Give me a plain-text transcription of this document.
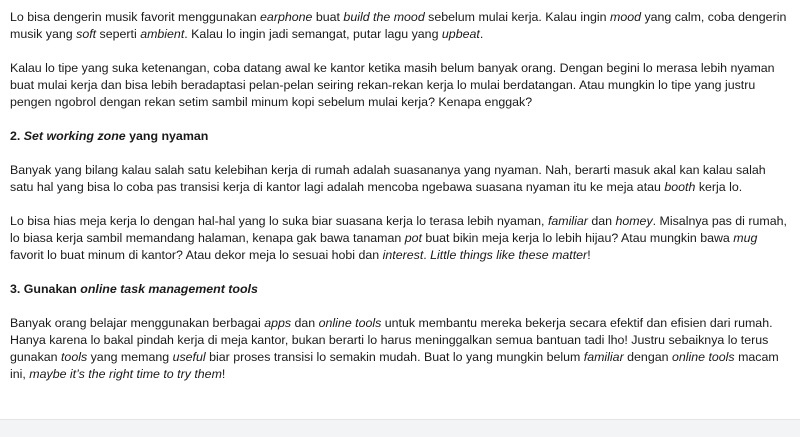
Lo bisa dengerin musik favorit menggunakan earphone buat build the mood sebelum mulai kerja. Kalau ingin mood yang calm, coba dengerin musik yang soft seperti ambient. Kalau lo ingin jadi semangat, putar lagu yang upbeat.

Kalau lo tipe yang suka ketenangan, coba datang awal ke kantor ketika masih belum banyak orang. Dengan begini lo merasa lebih nyaman buat mulai kerja dan bisa lebih beradaptasi pelan-pelan seiring rekan-rekan kerja lo mulai berdatangan. Atau mungkin lo tipe yang justru pengen ngobrol dengan rekan setim sambil minum kopi sebelum mulai kerja? Kenapa enggak?

2. Set working zone yang nyaman

Banyak yang bilang kalau salah satu kelebihan kerja di rumah adalah suasananya yang nyaman. Nah, berarti masuk akal kan kalau salah satu hal yang bisa lo coba pas transisi kerja di kantor lagi adalah mencoba ngebawa suasana nyaman itu ke meja atau booth kerja lo.

Lo bisa hias meja kerja lo dengan hal-hal yang lo suka biar suasana kerja lo terasa lebih nyaman, familiar dan homey. Misalnya pas di rumah, lo biasa kerja sambil memandang halaman, kenapa gak bawa tanaman pot buat bikin meja kerja lo lebih hijau? Atau mungkin bawa mug favorit lo buat minum di kantor? Atau dekor meja lo sesuai hobi dan interest. Little things like these matter!

3. Gunakan online task management tools

Banyak orang belajar menggunakan berbagai apps dan online tools untuk membantu mereka bekerja secara efektif dan efisien dari rumah. Hanya karena lo bakal pindah kerja di meja kantor, bukan berarti lo harus meninggalkan semua bantuan tadi lho! Justru sebaiknya lo terus gunakan tools yang memang useful biar proses transisi lo semakin mudah. Buat lo yang mungkin belum familiar dengan online tools macam ini, maybe it’s the right time to try them!
